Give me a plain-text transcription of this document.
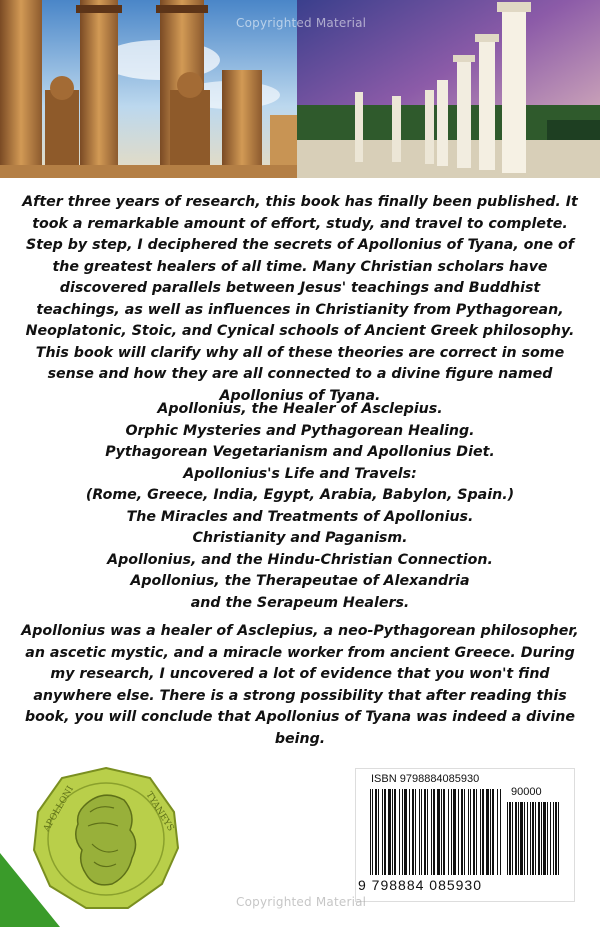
Copyrighted Material
After three years of research, this book has finally been published. It took a remarkable amount of effort, study, and travel to complete. Step by step, I deciphered the secrets of Apollonius of Tyana, one of the greatest healers of all time. Many Christian scholars have discovered parallels between Jesus' teachings and Buddhist teachings, as well as influences in Christianity from Pythagorean, Neoplatonic, Stoic, and Cynical schools of Ancient Greek philosophy. This book will clarify why all of these theories are correct in some sense and how they are all connected to a divine figure named Apollonius of Tyana.
Apollonius, the Healer of Asclepius.
Orphic Mysteries and Pythagorean Healing.
Pythagorean Vegetarianism and Apollonius Diet.
Apollonius's Life and Travels:
(Rome, Greece, India, Egypt, Arabia, Babylon, Spain.)
The Miracles and Treatments of Apollonius.
Christianity and Paganism.
Apollonius, and the Hindu-Christian Connection.
Apollonius, the Therapeutae of Alexandria
and the Serapeum Healers.
Apollonius was a healer of Asclepius, a neo-Pythagorean philosopher, an ascetic mystic, and a miracle worker from ancient Greece. During my research, I uncovered a lot of evidence that you won't find anywhere else. There is a strong possibility that after reading this book, you will conclude that Apollonius of Tyana was indeed a divine being.
APOLLONI	TYANEYS
ISBN 9798884085930
90000
9 798884 085930
Copyrighted Material
